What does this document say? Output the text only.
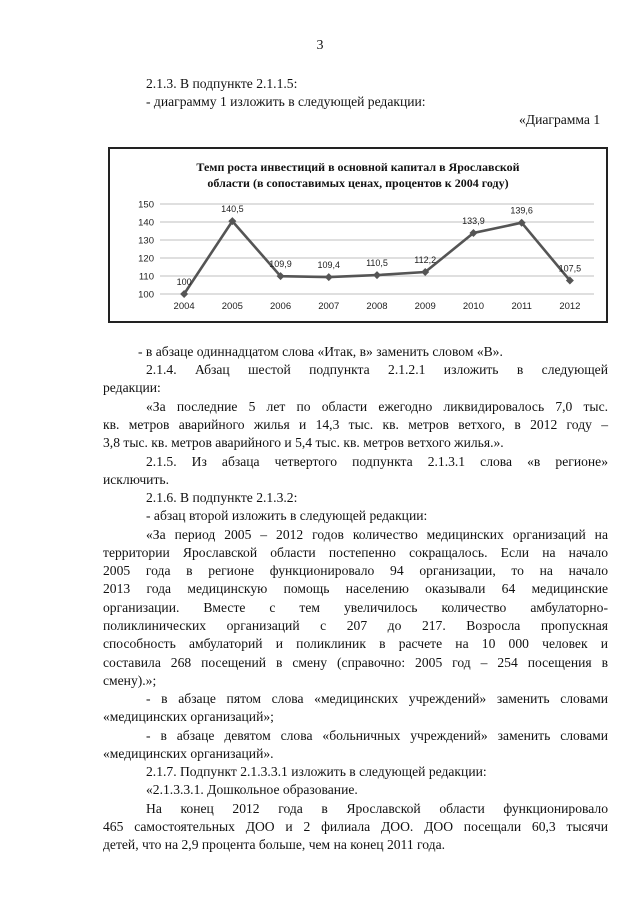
3
2.1.3. В подпункте 2.1.1.5:
- диаграмму 1 изложить в следующей редакции:
«Диаграмма 1
Темп роста инвестиций в основной капитал в Ярославской
области (в сопоставимых ценах, процентов к 2004 году)
100
110
120
130
140
150
2004	2005	2006	2007	2008	2009	2010	2011	2012
100
140,5
109,9	109,4	110,5	112,2
133,9
139,6
107,5
- в абзаце одиннадцатом слова «Итак, в» заменить словом «В».
2.1.4. Абзац шестой подпункта 2.1.2.1 изложить в следующей
редакции:
«За последние 5 лет по области ежегодно ликвидировалось 7,0 тыс.
кв. метров аварийного жилья и 14,3 тыс. кв. метров ветхого, в 2012 году –
3,8 тыс. кв. метров аварийного и 5,4 тыс. кв. метров ветхого жилья.».
2.1.5. Из абзаца четвертого подпункта 2.1.3.1 слова «в регионе»
исключить.
2.1.6. В подпункте 2.1.3.2:
- абзац второй изложить в следующей редакции:
«За период 2005 – 2012 годов количество медицинских организаций на
территории Ярославской области постепенно сокращалось. Если на начало
2005 года в регионе функционировало 94 организации, то на начало
2013 года медицинскую помощь населению оказывали 64 медицинские
организации. Вместе с тем увеличилось количество амбулаторно-
поликлинических организаций с 207 до 217. Возросла пропускная
способность амбулаторий и поликлиник в расчете на 10 000 человек и
составила 268 посещений в смену (справочно: 2005 год – 254 посещения в
смену).»;
- в абзаце пятом слова «медицинских учреждений» заменить словами
«медицинских организаций»;
- в абзаце девятом слова «больничных учреждений» заменить словами
«медицинских организаций».
2.1.7. Подпункт 2.1.3.3.1 изложить в следующей редакции:
«2.1.3.3.1. Дошкольное образование.
На конец 2012 года в Ярославской области функционировало
465 самостоятельных ДОО и 2 филиала ДОО. ДОО посещали 60,3 тысячи
детей, что на 2,9 процента больше, чем на конец 2011 года.
